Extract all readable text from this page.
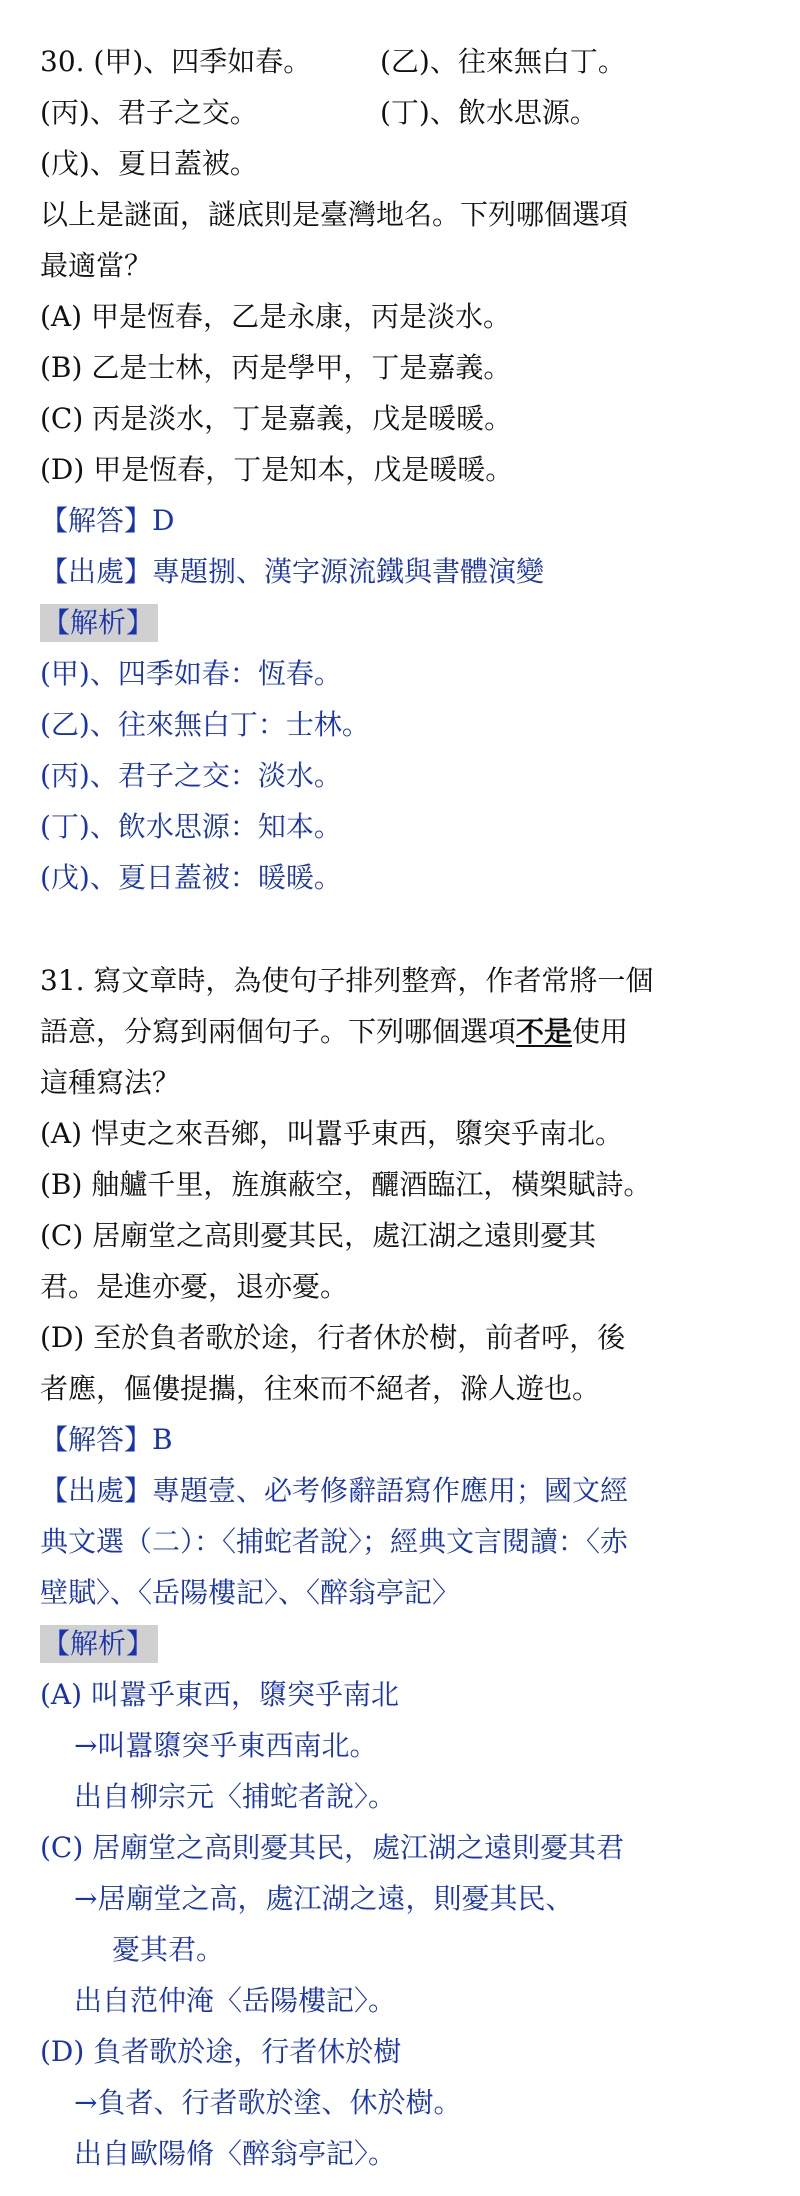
30. (甲)、四季如春。 (乙)、往來無白丁。
(丙)、君子之交。	(丁)、飲水思源。
(戊)、夏日蓋被。
以上是謎面，謎底則是臺灣地名。下列哪個選項
最適當？
(A) 甲是恆春，乙是永康，丙是淡水。
(B) 乙是士林，丙是學甲，丁是嘉義。
(C) 丙是淡水，丁是嘉義，戊是暖暖。
(D) 甲是恆春，丁是知本，戊是暖暖。
【解答】D
【出處】專題捌、漢字源流鐵與書體演變
【解析】
(甲)、四季如春：恆春。
(乙)、往來無白丁：士林。
(丙)、君子之交：淡水。
(丁)、飲水思源：知本。
(戊)、夏日蓋被：暖暖。
31. 寫文章時，為使句子排列整齊，作者常將一個
語意，分寫到兩個句子。下列哪個選項不是使用
這種寫法？
(A) 悍吏之來吾鄉，叫囂乎東西，隳突乎南北。
(B) 舳艫千里，旌旗蔽空，釃酒臨江，橫槊賦詩。
(C) 居廟堂之高則憂其民，處江湖之遠則憂其
君。是進亦憂，退亦憂。
(D) 至於負者歌於途，行者休於樹，前者呼，後
者應，傴僂提攜，往來而不絕者，滁人遊也。
【解答】B
【出處】專題壹、必考修辭語寫作應用；國文經
典文選（二）：〈捕蛇者說〉；經典文言閱讀：〈赤
壁賦〉、〈岳陽樓記〉、〈醉翁亭記〉
【解析】
(A) 叫囂乎東西，隳突乎南北
→叫囂隳突乎東西南北。
出自柳宗元〈捕蛇者說〉。
(C) 居廟堂之高則憂其民，處江湖之遠則憂其君
→居廟堂之高，處江湖之遠，則憂其民、
憂其君。
出自范仲淹〈岳陽樓記〉。
(D) 負者歌於途，行者休於樹
→負者、行者歌於塗、休於樹。
出自歐陽脩〈醉翁亭記〉。
